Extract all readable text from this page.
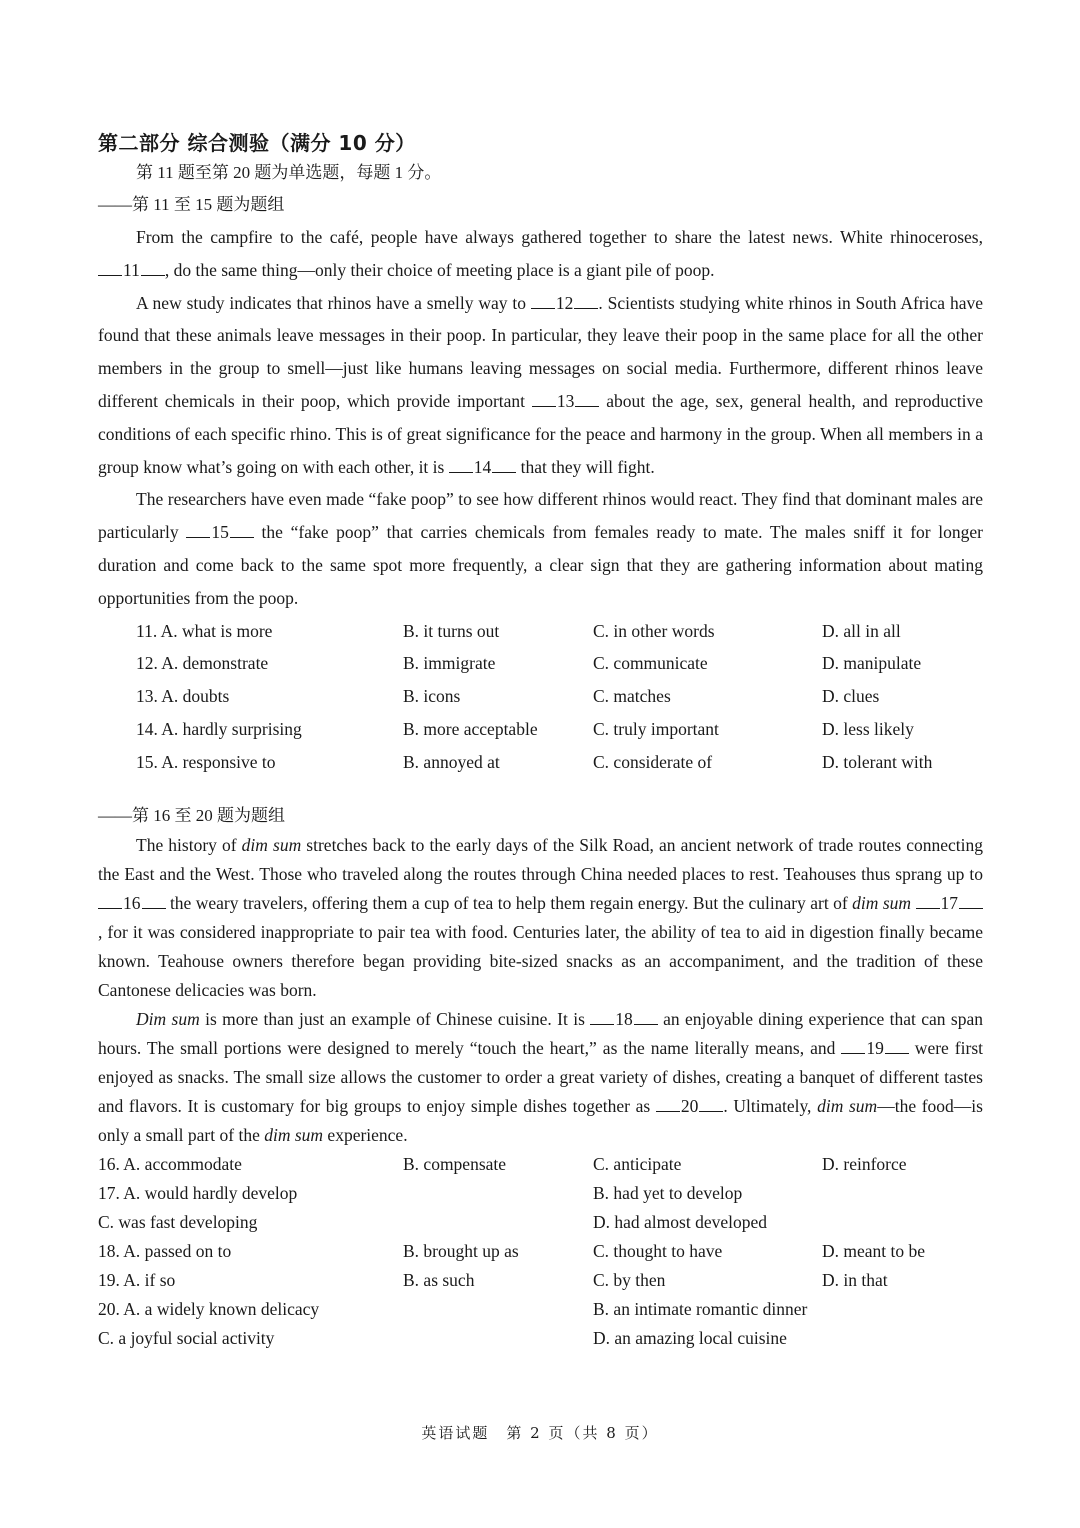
第二部分 综合测验（满分 10 分）
第 11 题至第 20 题为单选题，每题 1 分。
——第 11 至 15 题为题组

From the campfire to the café, people have always gathered together to share the latest news. White rhinoceroses, 11 , do the same thing—only their choice of meeting place is a giant pile of poop.

A new study indicates that rhinos have a smelly way to 12 . Scientists studying white rhinos in South Africa have found that these animals leave messages in their poop. In particular, they leave their poop in the same place for all the other members in the group to smell—just like humans leaving messages on social media. Furthermore, different rhinos leave different chemicals in their poop, which provide important 13 about the age, sex, general health, and reproductive conditions of each specific rhino. This is of great significance for the peace and harmony in the group. When all members in a group know what’s going on with each other, it is 14 that they will fight.

The researchers have even made “fake poop” to see how different rhinos would react. They find that dominant males are particularly 15 the “fake poop” that carries chemicals from females ready to mate. The males sniff it for longer duration and come back to the same spot more frequently, a clear sign that they are gathering information about mating opportunities from the poop.

11. A. what is more	B. it turns out	C. in other words	D. all in all
12. A. demonstrate	B. immigrate	C. communicate	D. manipulate
13. A. doubts	B. icons	C. matches	D. clues
14. A. hardly surprising	B. more acceptable	C. truly important	D. less likely
15. A. responsive to	B. annoyed at	C. considerate of	D. tolerant with
——第 16 至 20 题为题组

The history of dim sum stretches back to the early days of the Silk Road, an ancient network of trade routes connecting the East and the West. Those who traveled along the routes through China needed places to rest. Teahouses thus sprang up to 16 the weary travelers, offering them a cup of tea to help them regain energy. But the culinary art of dim sum 17, for it was considered inappropriate to pair tea with food. Centuries later, the ability of tea to aid in digestion finally became known. Teahouse owners therefore began providing bite-sized snacks as an accompaniment, and the tradition of these Cantonese delicacies was born.

Dim sum is more than just an example of Chinese cuisine. It is 18 an enjoyable dining experience that can span hours. The small portions were designed to merely “touch the heart,” as the name literally means, and 19 were first enjoyed as snacks. The small size allows the customer to order a great variety of dishes, creating a banquet of different tastes and flavors. It is customary for big groups to enjoy simple dishes together as 20 . Ultimately, dim sum—the food—is only a small part of the dim sum experience.

16. A. accommodate	B. compensate	C. anticipate	D. reinforce
17. A. would hardly develop	B. had yet to develop
C. was fast developing	D. had almost developed
18. A. passed on to	B. brought up as	C. thought to have	D. meant to be
19. A. if so	B. as such	C. by then	D. in that
20. A. a widely known delicacy	B. an intimate romantic dinner
C. a joyful social activity	D. an amazing local cuisine
英语试题　第 2 页（共 8 页）
